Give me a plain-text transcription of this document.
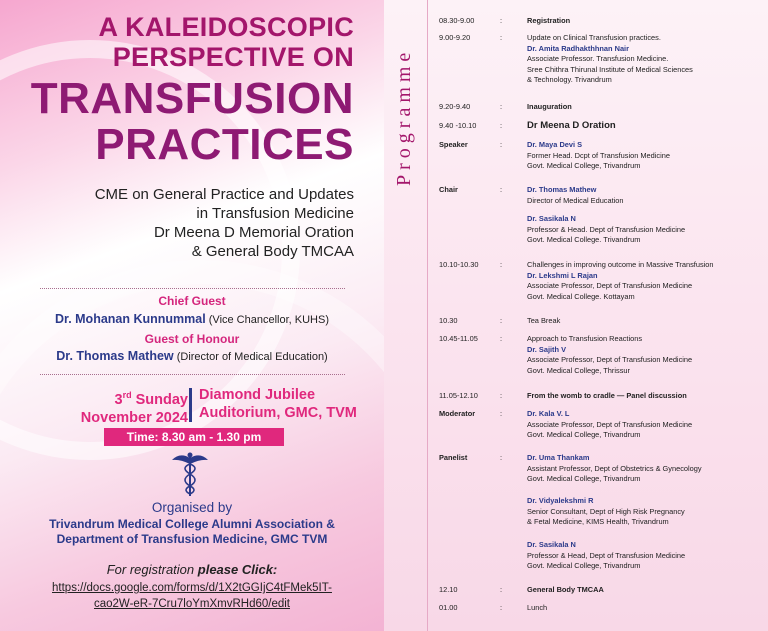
A KALEIDOSCOPIC
PERSPECTIVE ON
TRANSFUSION
PRACTICES
CME on General Practice and Updates
in Transfusion Medicine
Dr Meena D Memorial Oration
& General Body TMCAA
Chief Guest
Dr. Mohanan Kunnummal (Vice Chancellor, KUHS)
Guest of Honour
Dr. Thomas Mathew (Director of Medical Education)
3rd Sunday
November 2024
Diamond Jubilee
Auditorium, GMC, TVM
Time: 8.30 am - 1.30 pm
Organised by
Trivandrum Medical College Alumni Association &
Department of Transfusion Medicine, GMC TVM
For registration please Click:
https://docs.google.com/forms/d/1X2tGGIjC4tFMek5IT-
cao2W-eR-7Cru7loYmXmvRHd60/edit
Programme
08.30-9.00	:	Registration
9.00-9.20	:	Update on Clinical Transfusion practices.
Dr. Amita Radhakthhnan Nair
Associate Professor. Transfusion Medicine.
Sree Chithra Thirunal Institute of Medical Sciences
& Technology. Trivandrum
9.20-9.40	:	Inauguration
9.40 -10.10	:	Dr Meena D Oration
Speaker	:	Dr. Maya Devi S
Former Head. Dcpt of Transfusion Medicine
Govt. Medical College, Trivandrum
Chair	:	Dr. Thomas Mathew
Director of Medical Education
Dr. Sasikala N
Professor & Head. Dept of Transfusion Medicine
Govt. Medical College. Trivandrum
10.10-10.30	:	Challenges in improving outcome in Massive Transfusion
Dr. Lekshmi L Rajan
Associate Professor, Dept of Transfusion Medicine
Govt. Medical College. Kottayam
10.30	:	Tea Break
10.45-11.05	:	Approach to Transfusion Reactions
Dr. Sajith V
Associate Professor, Dept of Transfusion Medicine
Govt. Medical College, Thrissur
11.05-12.10	:	From the womb to cradle — Panel discussion
Moderator	:	Dr. Kala V. L
Associate Professor, Dept of Transfusion Medicine
Govt. Medical College, Trivandrum
Panelist	:	Dr. Uma Thankam
Assistant Professor, Dept of Obstetrics & Gynecology
Govt. Medical College, Trivandrum
Dr. Vidyalekshmi R
Senior Consultant, Dept of High Risk Pregnancy
& Fetal Medicine, KIMS Health, Trivandrum
Dr. Sasikala N
Professor & Head, Dept of Transfusion Medicine
Govt. Medical College, Trivandrum
12.10	:	General Body TMCAA
01.00	:	Lunch
